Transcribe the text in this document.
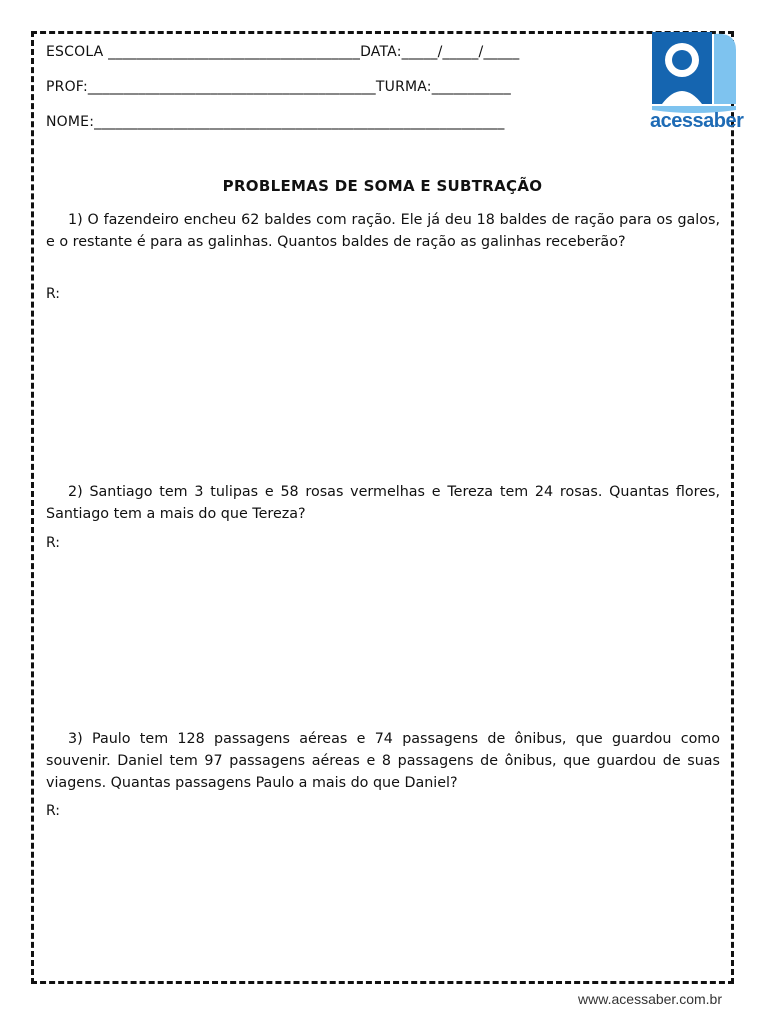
ESCOLA ___________________________________DATA:_____/_____/_____
PROF:________________________________________TURMA:___________
NOME:_________________________________________________________	acessaber
PROBLEMAS DE SOMA E SUBTRAÇÃO
1) O fazendeiro encheu 62 baldes com ração. Ele já deu 18 baldes de ração para os galos, e o restante é para as galinhas. Quantos baldes de ração as galinhas receberão?
R:
2) Santiago tem 3 tulipas e 58 rosas vermelhas e Tereza tem 24 rosas. Quantas flores, Santiago tem a mais do que Tereza?
R:
3) Paulo tem 128 passagens aéreas e 74 passagens de ônibus, que guardou como souvenir. Daniel tem 97 passagens aéreas e 8 passagens de ônibus, que guardou de suas viagens. Quantas passagens Paulo a mais do que Daniel?
R:
www.acessaber.com.br
